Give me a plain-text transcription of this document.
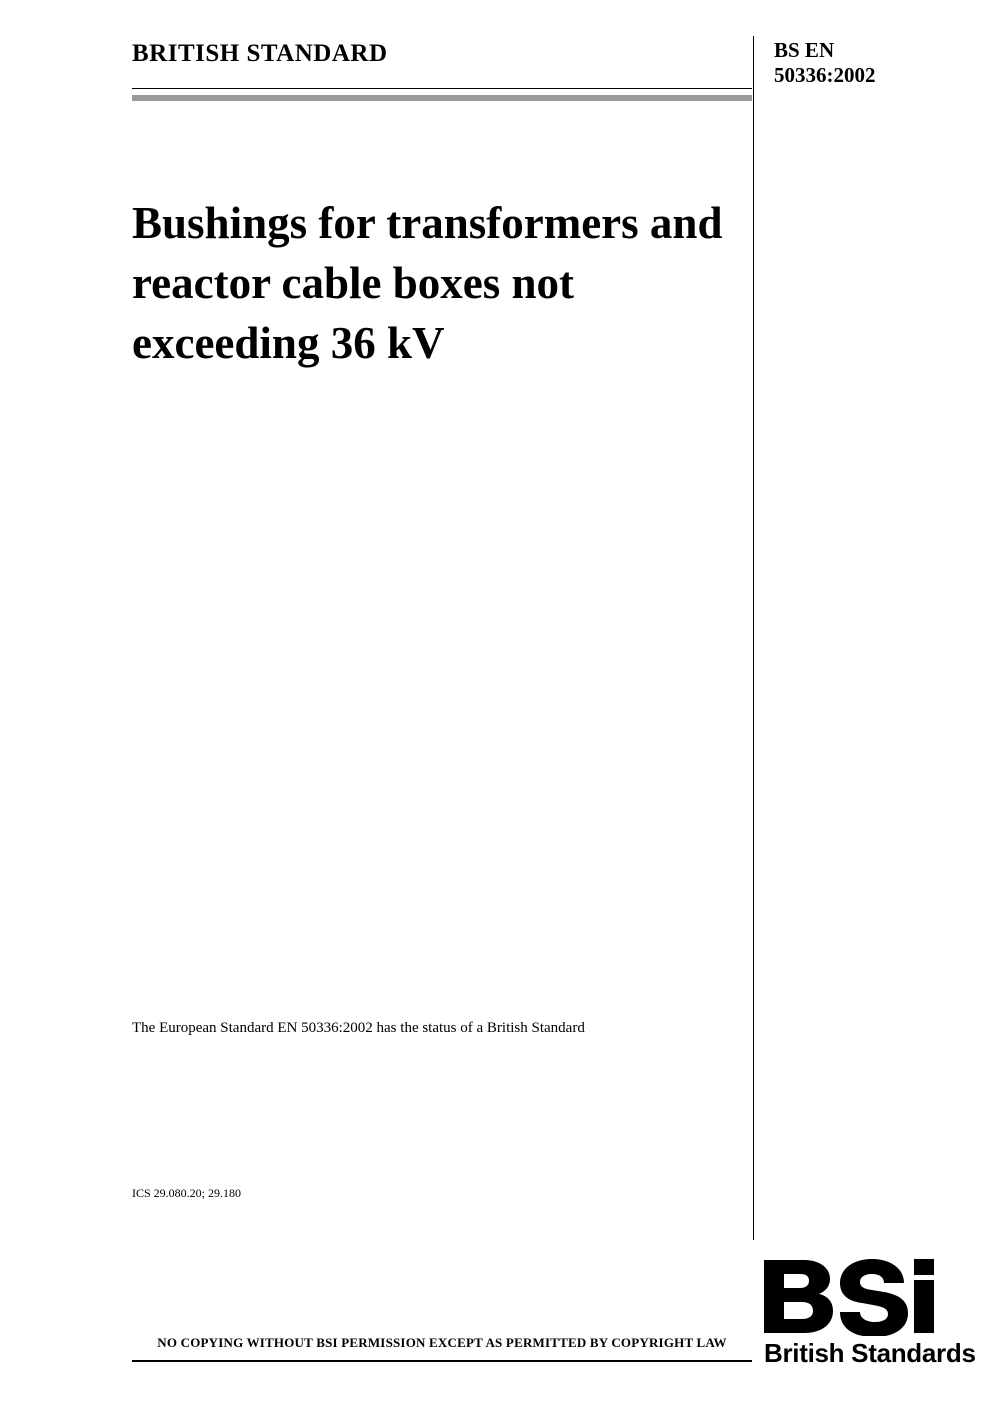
BRITISH STANDARD	BS EN
50336:2002
Bushings for transformers and reactor cable boxes not exceeding 36 kV
The European Standard EN 50336:2002 has the status of a British Standard
ICS 29.080.20; 29.180
NO COPYING WITHOUT BSI PERMISSION EXCEPT AS PERMITTED BY COPYRIGHT LAW	British Standards
